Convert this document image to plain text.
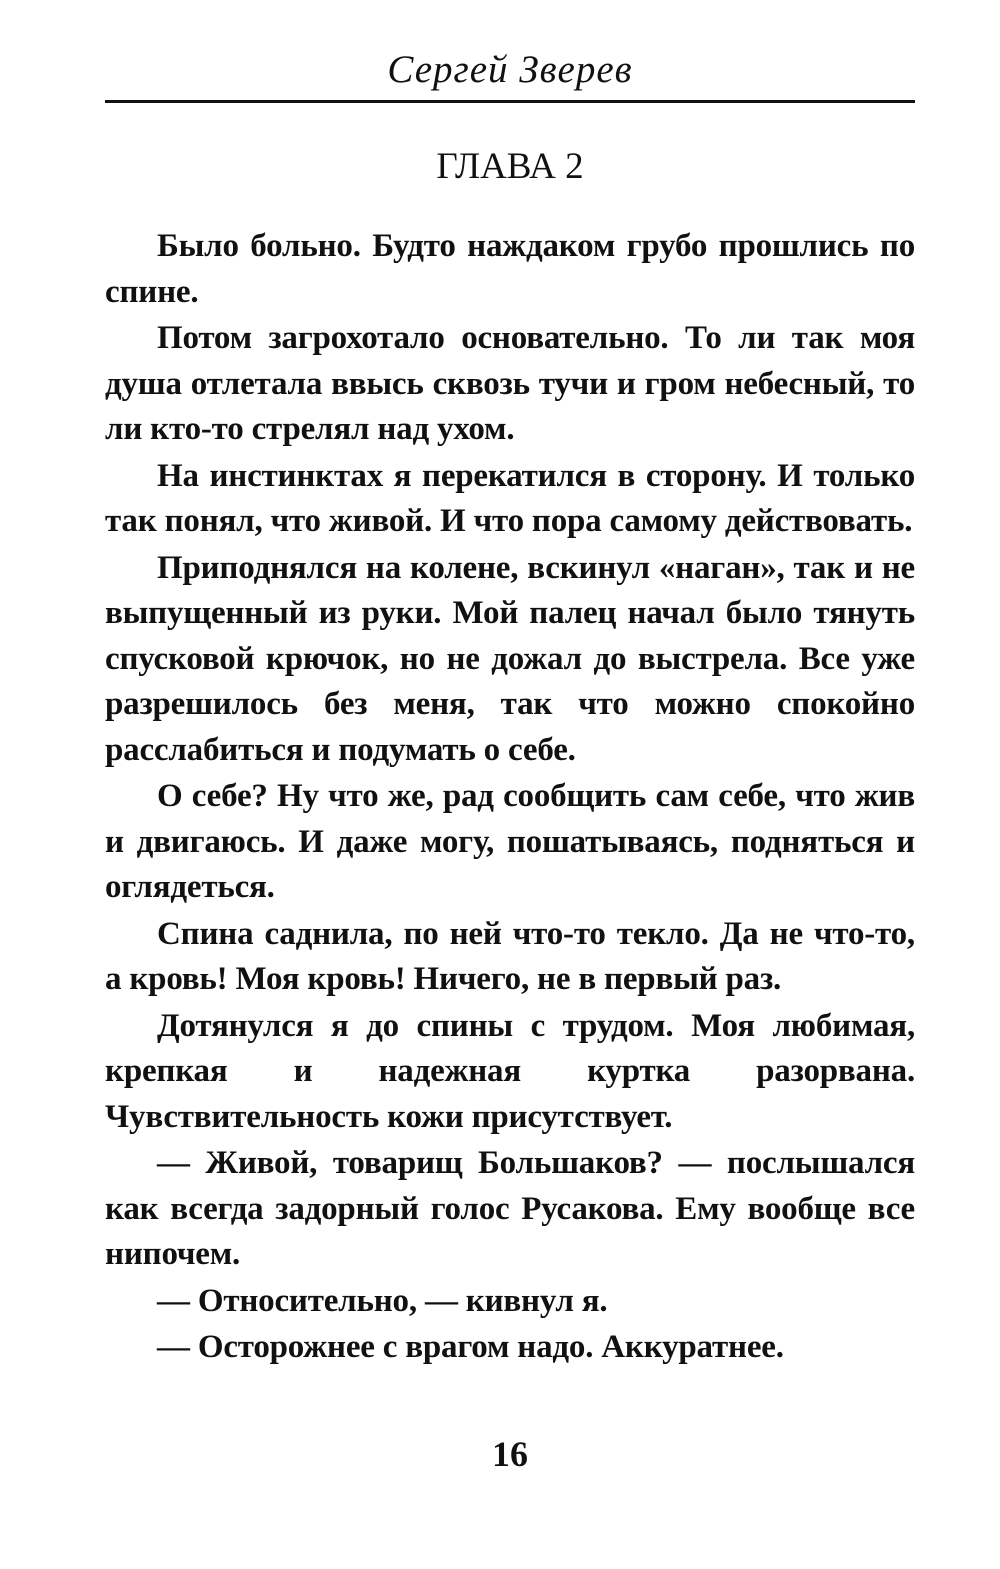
Сергей Зверев
ГЛАВА 2

Было больно. Будто наждаком грубо прошлись по спине.

Потом загрохотало основательно. То ли так моя душа отлетала ввысь сквозь тучи и гром небесный, то ли кто-то стрелял над ухом.

На инстинктах я перекатился в сторону. И только так понял, что живой. И что пора самому действовать.

Приподнялся на колене, вскинул «наган», так и не выпущенный из руки. Мой палец начал было тянуть спусковой крючок, но не дожал до выстрела. Все уже разрешилось без меня, так что можно спокойно расслабиться и подумать о себе.

О себе? Ну что же, рад сообщить сам себе, что жив и двигаюсь. И даже могу, пошатываясь, подняться и оглядеться.

Спина саднила, по ней что-то текло. Да не что-то, а кровь! Моя кровь! Ничего, не в первый раз.

Дотянулся я до спины с трудом. Моя любимая, крепкая и надежная куртка разорвана. Чувствительность кожи присутствует.

— Живой, товарищ Большаков? — послышался как всегда задорный голос Русакова. Ему вообще все нипочем.

— Относительно, — кивнул я.

— Осторожнее с врагом надо. Аккуратнее.

16
